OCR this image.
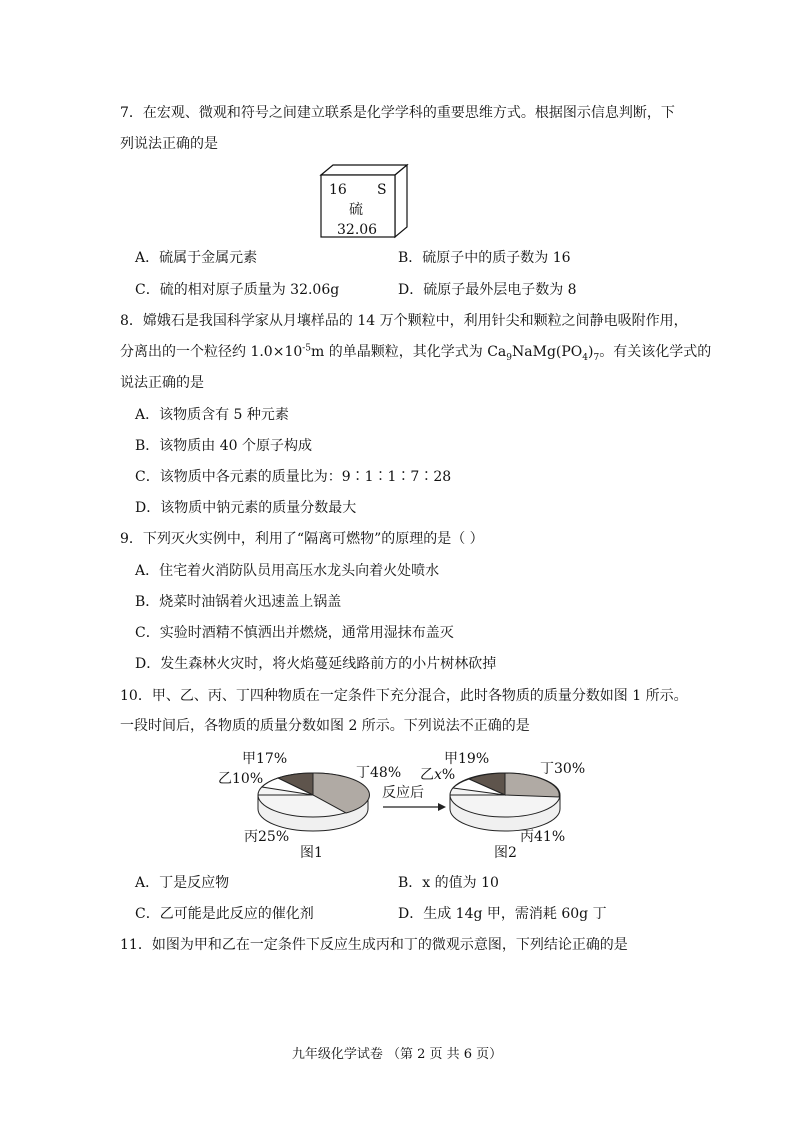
7．在宏观、微观和符号之间建立联系是化学学科的重要思维方式。根据图示信息判断，下
列说法正确的是
16 S
硫
32.06
A．硫属于金属元素	B．硫原子中的质子数为 16
C．硫的相对原子质量为 32.06g	D．硫原子最外层电子数为 8
8．嫦娥石是我国科学家从月壤样品的 14 万个颗粒中，利用针尖和颗粒之间静电吸附作用，
分离出的一个粒径约 $1.0\times 10^{-5}m$ 的单晶颗粒，其化学式为 $Ca_9NaMg(PO_4)_7$。有关该化学式的
说法正确的是
A．该物质含有 5 种元素
B．该物质由 40 个原子构成
C．该物质中各元素的质量比为：9∶1∶1∶7∶28
D．该物质中钠元素的质量分数最大
9．下列灭火实例中，利用了“隔离可燃物”的原理的是（ ）
A．住宅着火消防队员用高压水龙头向着火处喷水
B．烧菜时油锅着火迅速盖上锅盖
C．实验时酒精不慎洒出并燃烧，通常用湿抹布盖灭
D．发生森林火灾时，将火焰蔓延线路前方的小片树林砍掉
10．甲、乙、丙、丁四种物质在一定条件下充分混合，此时各物质的质量分数如图 1 所示。
一段时间后，各物质的质量分数如图 2 所示。下列说法不正确的是
甲17%
乙10%	丁48%
丙25%
图1
反应后
甲19%
乙x%	丁30%
丙41%
图2
A．丁是反应物	B．x 的值为 10
C．乙可能是此反应的催化剂	D．生成 14g 甲，需消耗 60g 丁
11．如图为甲和乙在一定条件下反应生成丙和丁的微观示意图，下列结论正确的是
九年级化学试卷 （第 2 页 共 6 页）
